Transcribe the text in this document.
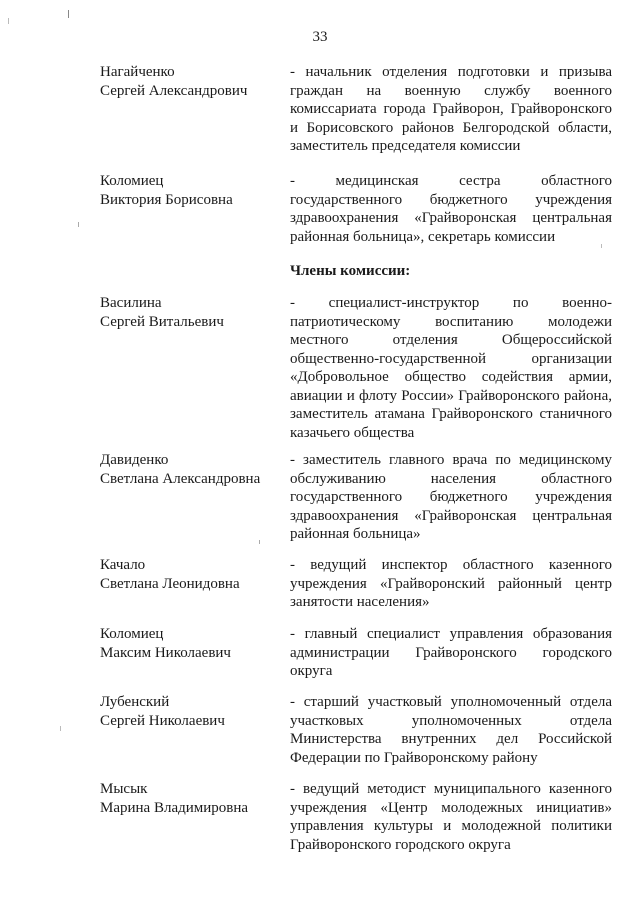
33
Нагайченко
Сергей Александрович
- начальник отделения подготовки и призыва граждан на военную службу военного комиссариата города Грайворон, Грайворонского и Борисовского районов Белгородской области, заместитель председателя комиссии
Коломиец
Виктория Борисовна
- медицинская сестра областного государственного бюджетного учреждения здравоохранения «Грайворонская центральная районная больница», секретарь комиссии
Члены комиссии:
Василина
Сергей Витальевич
- специалист-инструктор по военно-патриотическому воспитанию молодежи местного отделения Общероссийской общественно-государственной организации «Добровольное общество содействия армии, авиации и флоту России» Грайворонского района, заместитель атамана Грайворонского станичного казачьего общества
Давиденко
Светлана Александровна
- заместитель главного врача по медицинскому обслуживанию населения областного государственного бюджетного учреждения здравоохранения «Грайворонская центральная районная больница»
Качало
Светлана Леонидовна
- ведущий инспектор областного казенного учреждения «Грайворонский районный центр занятости населения»
Коломиец
Максим Николаевич
- главный специалист управления образования администрации Грайворонского городского округа
Лубенский
Сергей Николаевич
- старший участковый уполномоченный отдела участковых уполномоченных отдела Министерства внутренних дел Российской Федерации по Грайворонскому району
Мысык
Марина Владимировна
- ведущий методист муниципального казенного учреждения «Центр молодежных инициатив» управления культуры и молодежной политики Грайворонского городского округа
